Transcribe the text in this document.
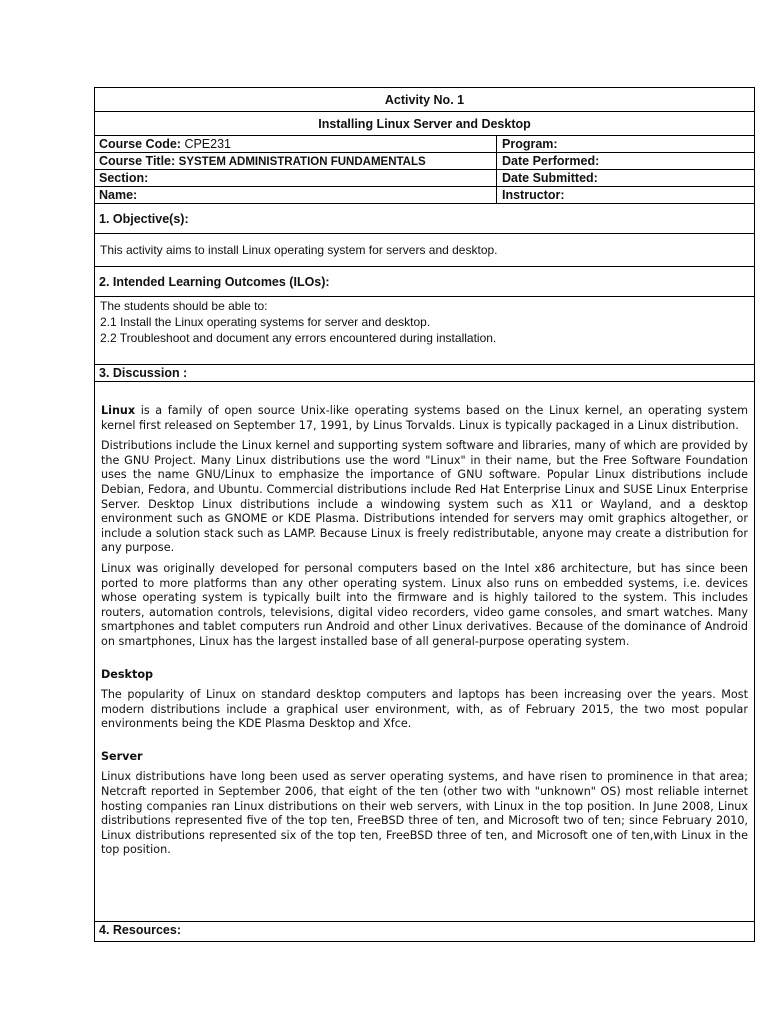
Activity No. 1
Installing Linux Server and Desktop
Course Code: CPE231	Program:
Course Title: SYSTEM ADMINISTRATION FUNDAMENTALS	Date Performed:
Section:	Date Submitted:
Name:	Instructor:
1. Objective(s):
This activity aims to install Linux operating system for servers and desktop.
2. Intended Learning Outcomes (ILOs):
The students should be able to:
2.1 Install the Linux operating systems for server and desktop.
2.2 Troubleshoot and document any errors encountered during installation.
3. Discussion :

Linux is a family of open source Unix-like operating systems based on the Linux kernel, an operating system kernel first released on September 17, 1991, by Linus Torvalds. Linux is typically packaged in a Linux distribution.

Distributions include the Linux kernel and supporting system software and libraries, many of which are provided by the GNU Project. Many Linux distributions use the word "Linux" in their name, but the Free Software Foundation uses the name GNU/Linux to emphasize the importance of GNU software. Popular Linux distributions include Debian, Fedora, and Ubuntu. Commercial distributions include Red Hat Enterprise Linux and SUSE Linux Enterprise Server. Desktop Linux distributions include a windowing system such as X11 or Wayland, and a desktop environment such as GNOME or KDE Plasma. Distributions intended for servers may omit graphics altogether, or include a solution stack such as LAMP. Because Linux is freely redistributable, anyone may create a distribution for any purpose.

Linux was originally developed for personal computers based on the Intel x86 architecture, but has since been ported to more platforms than any other operating system. Linux also runs on embedded systems, i.e. devices whose operating system is typically built into the firmware and is highly tailored to the system. This includes routers, automation controls, televisions, digital video recorders, video game consoles, and smart watches. Many smartphones and tablet computers run Android and other Linux derivatives. Because of the dominance of Android on smartphones, Linux has the largest installed base of all general-purpose operating system.

Desktop

The popularity of Linux on standard desktop computers and laptops has been increasing over the years. Most modern distributions include a graphical user environment, with, as of February 2015, the two most popular environments being the KDE Plasma Desktop and Xfce.

Server

Linux distributions have long been used as server operating systems, and have risen to prominence in that area; Netcraft reported in September 2006, that eight of the ten (other two with "unknown" OS) most reliable internet hosting companies ran Linux distributions on their web servers, with Linux in the top position. In June 2008, Linux distributions represented five of the top ten, FreeBSD three of ten, and Microsoft two of ten; since February 2010, Linux distributions represented six of the top ten, FreeBSD three of ten, and Microsoft one of ten,with Linux in the top position.

4. Resources:
